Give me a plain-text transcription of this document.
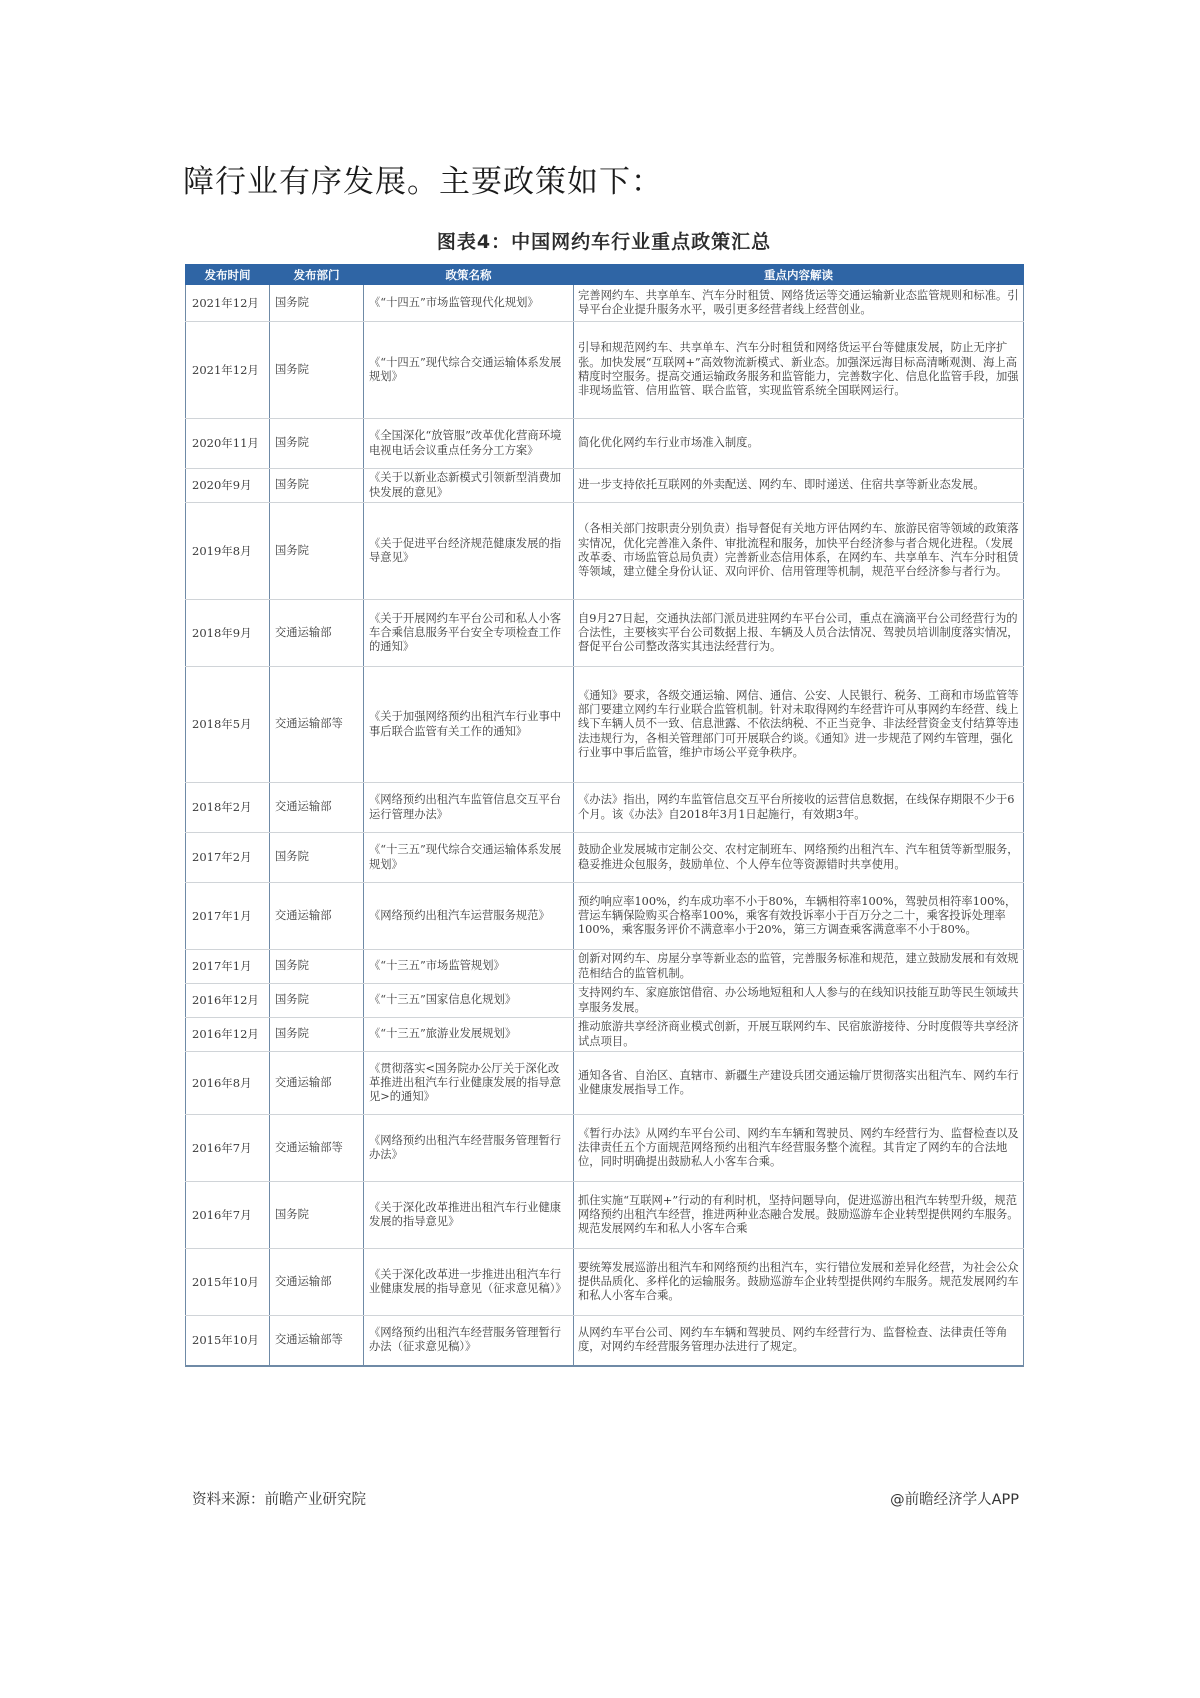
障行业有序发展。主要政策如下：
图表4：中国网约车行业重点政策汇总
发布时间	发布部门	政策名称	重点内容解读
2021年12月	国务院	《“十四五”市场监管现代化规划》	完善网约车、共享单车、汽车分时租赁、网络货运等交通运输新业态监管规则和标准。引导平台企业提升服务水平，吸引更多经营者线上经营创业。
2021年12月	国务院	《“十四五”现代综合交通运输体系发展规划》	引导和规范网约车、共享单车、汽车分时租赁和网络货运平台等健康发展，防止无序扩张。加快发展“互联网+”高效物流新模式、新业态。加强深远海目标高清晰观测、海上高精度时空服务。提高交通运输政务服务和监管能力，完善数字化、信息化监管手段，加强非现场监管、信用监管、联合监管，实现监管系统全国联网运行。
2020年11月	国务院	《全国深化“放管服”改革优化营商环境电视电话会议重点任务分工方案》	简化优化网约车行业市场准入制度。
2020年9月	国务院	《关于以新业态新模式引领新型消费加快发展的意见》	进一步支持依托互联网的外卖配送、网约车、即时递送、住宿共享等新业态发展。
2019年8月	国务院	《关于促进平台经济规范健康发展的指导意见》	（各相关部门按职责分别负责）指导督促有关地方评估网约车、旅游民宿等领域的政策落实情况，优化完善准入条件、审批流程和服务，加快平台经济参与者合规化进程。（发展改革委、市场监管总局负责）完善新业态信用体系，在网约车、共享单车、汽车分时租赁等领域，建立健全身份认证、双向评价、信用管理等机制，规范平台经济参与者行为。
2018年9月	交通运输部	《关于开展网约车平台公司和私人小客车合乘信息服务平台安全专项检查工作的通知》	自9月27日起，交通执法部门派员进驻网约车平台公司，重点在滴滴平台公司经营行为的合法性，主要核实平台公司数据上报、车辆及人员合法情况、驾驶员培训制度落实情况，督促平台公司整改落实其违法经营行为。
2018年5月	交通运输部等	《关于加强网络预约出租汽车行业事中事后联合监管有关工作的通知》	《通知》要求，各级交通运输、网信、通信、公安、人民银行、税务、工商和市场监管等部门要建立网约车行业联合监管机制。针对未取得网约车经营许可从事网约车经营、线上线下车辆人员不一致、信息泄露、不依法纳税、不正当竞争、非法经营资金支付结算等违法违规行为，各相关管理部门可开展联合约谈。《通知》进一步规范了网约车管理，强化行业事中事后监管，维护市场公平竞争秩序。
2018年2月	交通运输部	《网络预约出租汽车监管信息交互平台运行管理办法》	《办法》指出，网约车监管信息交互平台所接收的运营信息数据，在线保存期限不少于6个月。该《办法》自2018年3月1日起施行，有效期3年。
2017年2月	国务院	《“十三五”现代综合交通运输体系发展规划》	鼓励企业发展城市定制公交、农村定制班车、网络预约出租汽车、汽车租赁等新型服务，稳妥推进众包服务，鼓励单位、个人停车位等资源错时共享使用。
2017年1月	交通运输部	《网络预约出租汽车运营服务规范》	预约响应率100%，约车成功率不小于80%，车辆相符率100%，驾驶员相符率100%，营运车辆保险购买合格率100%，乘客有效投诉率小于百万分之二十，乘客投诉处理率100%，乘客服务评价不满意率小于20%，第三方调查乘客满意率不小于80%。
2017年1月	国务院	《“十三五”市场监管规划》	创新对网约车、房屋分享等新业态的监管，完善服务标准和规范，建立鼓励发展和有效规范相结合的监管机制。
2016年12月	国务院	《“十三五”国家信息化规划》	支持网约车、家庭旅馆借宿、办公场地短租和人人参与的在线知识技能互助等民生领域共享服务发展。
2016年12月	国务院	《“十三五”旅游业发展规划》	推动旅游共享经济商业模式创新，开展互联网约车、民宿旅游接待、分时度假等共享经济试点项目。
2016年8月	交通运输部	《贯彻落实<国务院办公厅关于深化改革推进出租汽车行业健康发展的指导意见>的通知》	通知各省、自治区、直辖市、新疆生产建设兵团交通运输厅贯彻落实出租汽车、网约车行业健康发展指导工作。
2016年7月	交通运输部等	《网络预约出租汽车经营服务管理暂行办法》	《暂行办法》从网约车平台公司、网约车车辆和驾驶员、网约车经营行为、监督检查以及法律责任五个方面规范网络预约出租汽车经营服务整个流程。其肯定了网约车的合法地位，同时明确提出鼓励私人小客车合乘。
2016年7月	国务院	《关于深化改革推进出租汽车行业健康发展的指导意见》	抓住实施“互联网+”行动的有利时机，坚持问题导向，促进巡游出租汽车转型升级，规范网络预约出租汽车经营，推进两种业态融合发展。鼓励巡游车企业转型提供网约车服务。规范发展网约车和私人小客车合乘
2015年10月	交通运输部	《关于深化改革进一步推进出租汽车行业健康发展的指导意见（征求意见稿）》	要统筹发展巡游出租汽车和网络预约出租汽车，实行错位发展和差异化经营，为社会公众提供品质化、多样化的运输服务。鼓励巡游车企业转型提供网约车服务。规范发展网约车和私人小客车合乘。
2015年10月	交通运输部等	《网络预约出租汽车经营服务管理暂行办法（征求意见稿）》	从网约车平台公司、网约车车辆和驾驶员、网约车经营行为、监督检查、法律责任等角度，对网约车经营服务管理办法进行了规定。
资料来源：前瞻产业研究院	@前瞻经济学人APP
